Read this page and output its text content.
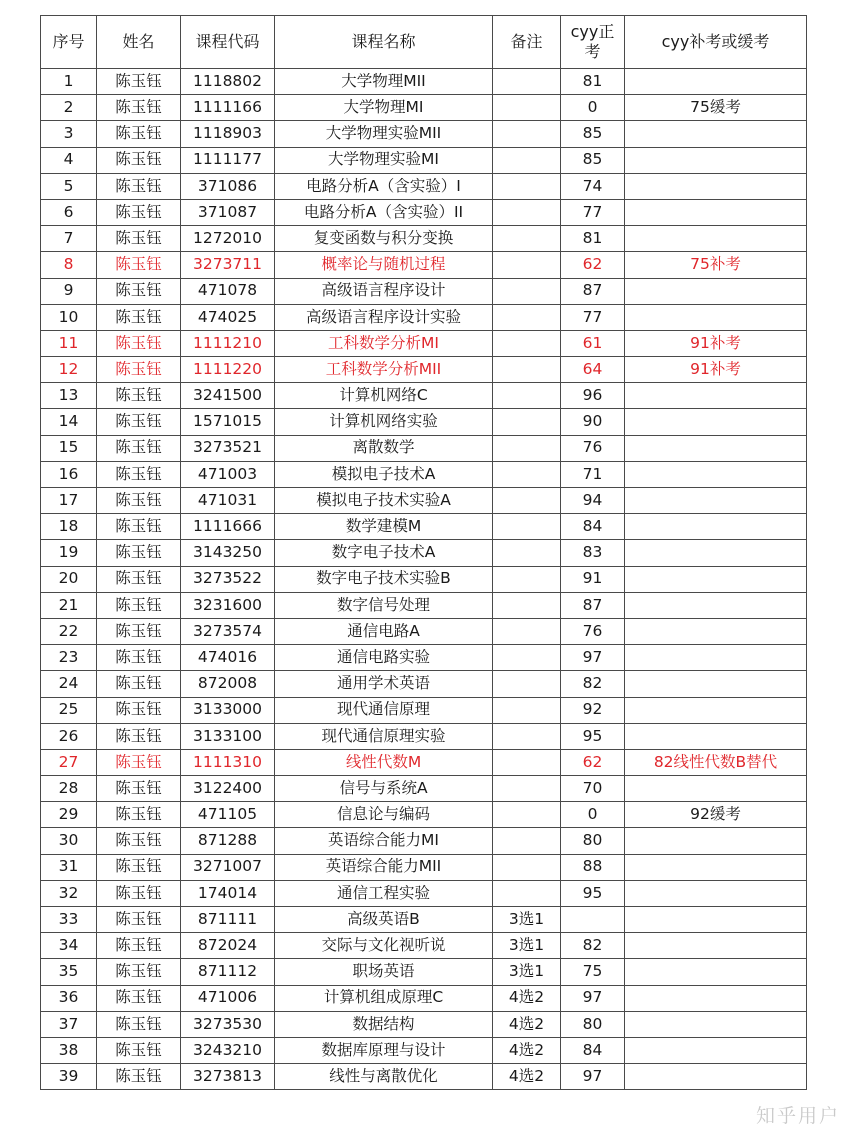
序号	姓名	课程代码	课程名称	备注	cyy正考	cyy补考或缓考
1	陈玉钰	1118802	大学物理MII		81	
2	陈玉钰	1111166	大学物理MI		0	75缓考
3	陈玉钰	1118903	大学物理实验MII		85	
4	陈玉钰	1111177	大学物理实验MI		85	
5	陈玉钰	371086	电路分析A（含实验）I		74	
6	陈玉钰	371087	电路分析A（含实验）II		77	
7	陈玉钰	1272010	复变函数与积分变换		81	
8	陈玉钰	3273711	概率论与随机过程		62	75补考
9	陈玉钰	471078	高级语言程序设计		87	
10	陈玉钰	474025	高级语言程序设计实验		77	
11	陈玉钰	1111210	工科数学分析MI		61	91补考
12	陈玉钰	1111220	工科数学分析MII		64	91补考
13	陈玉钰	3241500	计算机网络C		96	
14	陈玉钰	1571015	计算机网络实验		90	
15	陈玉钰	3273521	离散数学		76	
16	陈玉钰	471003	模拟电子技术A		71	
17	陈玉钰	471031	模拟电子技术实验A		94	
18	陈玉钰	1111666	数学建模M		84	
19	陈玉钰	3143250	数字电子技术A		83	
20	陈玉钰	3273522	数字电子技术实验B		91	
21	陈玉钰	3231600	数字信号处理		87	
22	陈玉钰	3273574	通信电路A		76	
23	陈玉钰	474016	通信电路实验		97	
24	陈玉钰	872008	通用学术英语		82	
25	陈玉钰	3133000	现代通信原理		92	
26	陈玉钰	3133100	现代通信原理实验		95	
27	陈玉钰	1111310	线性代数M		62	82线性代数B替代
28	陈玉钰	3122400	信号与系统A		70	
29	陈玉钰	471105	信息论与编码		0	92缓考
30	陈玉钰	871288	英语综合能力MI		80	
31	陈玉钰	3271007	英语综合能力MII		88	
32	陈玉钰	174014	通信工程实验		95	
33	陈玉钰	871111	高级英语B	3选1		
34	陈玉钰	872024	交际与文化视听说	3选1	82	
35	陈玉钰	871112	职场英语	3选1	75	
36	陈玉钰	471006	计算机组成原理C	4选2	97	
37	陈玉钰	3273530	数据结构	4选2	80	
38	陈玉钰	3243210	数据库原理与设计	4选2	84	
39	陈玉钰	3273813	线性与离散优化	4选2	97	
知乎用户
